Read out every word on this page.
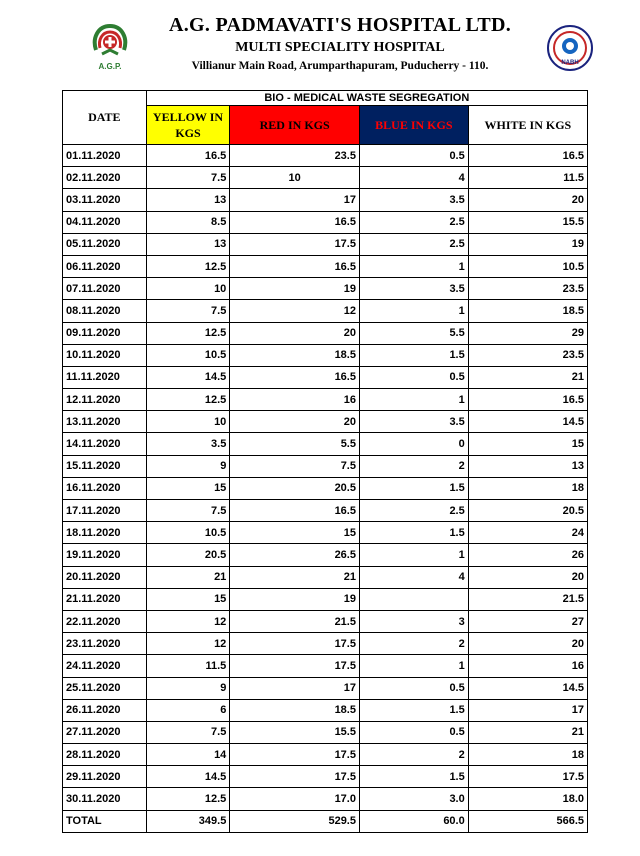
A.G.P.
A.G. PADMAVATI'S HOSPITAL LTD.
MULTI SPECIALITY HOSPITAL
Villianur Main Road, Arumparthapuram, Puducherry - 110.	NABH
DATE	BIO - MEDICAL WASTE SEGREGATION			
	YELLOW IN KGS	RED IN KGS	BLUE IN KGS	WHITE IN KGS
01.11.2020	16.5	23.5	0.5	16.5
02.11.2020	7.5	10	4	11.5
03.11.2020	13	17	3.5	20
04.11.2020	8.5	16.5	2.5	15.5
05.11.2020	13	17.5	2.5	19
06.11.2020	12.5	16.5	1	10.5
07.11.2020	10	19	3.5	23.5
08.11.2020	7.5	12	1	18.5
09.11.2020	12.5	20	5.5	29
10.11.2020	10.5	18.5	1.5	23.5
11.11.2020	14.5	16.5	0.5	21
12.11.2020	12.5	16	1	16.5
13.11.2020	10	20	3.5	14.5
14.11.2020	3.5	5.5	0	15
15.11.2020	9	7.5	2	13
16.11.2020	15	20.5	1.5	18
17.11.2020	7.5	16.5	2.5	20.5
18.11.2020	10.5	15	1.5	24
19.11.2020	20.5	26.5	1	26
20.11.2020	21	21	4	20
21.11.2020	15	19		21.5
22.11.2020	12	21.5	3	27
23.11.2020	12	17.5	2	20
24.11.2020	11.5	17.5	1	16
25.11.2020	9	17	0.5	14.5
26.11.2020	6	18.5	1.5	17
27.11.2020	7.5	15.5	0.5	21
28.11.2020	14	17.5	2	18
29.11.2020	14.5	17.5	1.5	17.5
30.11.2020	12.5	17.0	3.0	18.0
TOTAL	349.5	529.5	60.0	566.5
